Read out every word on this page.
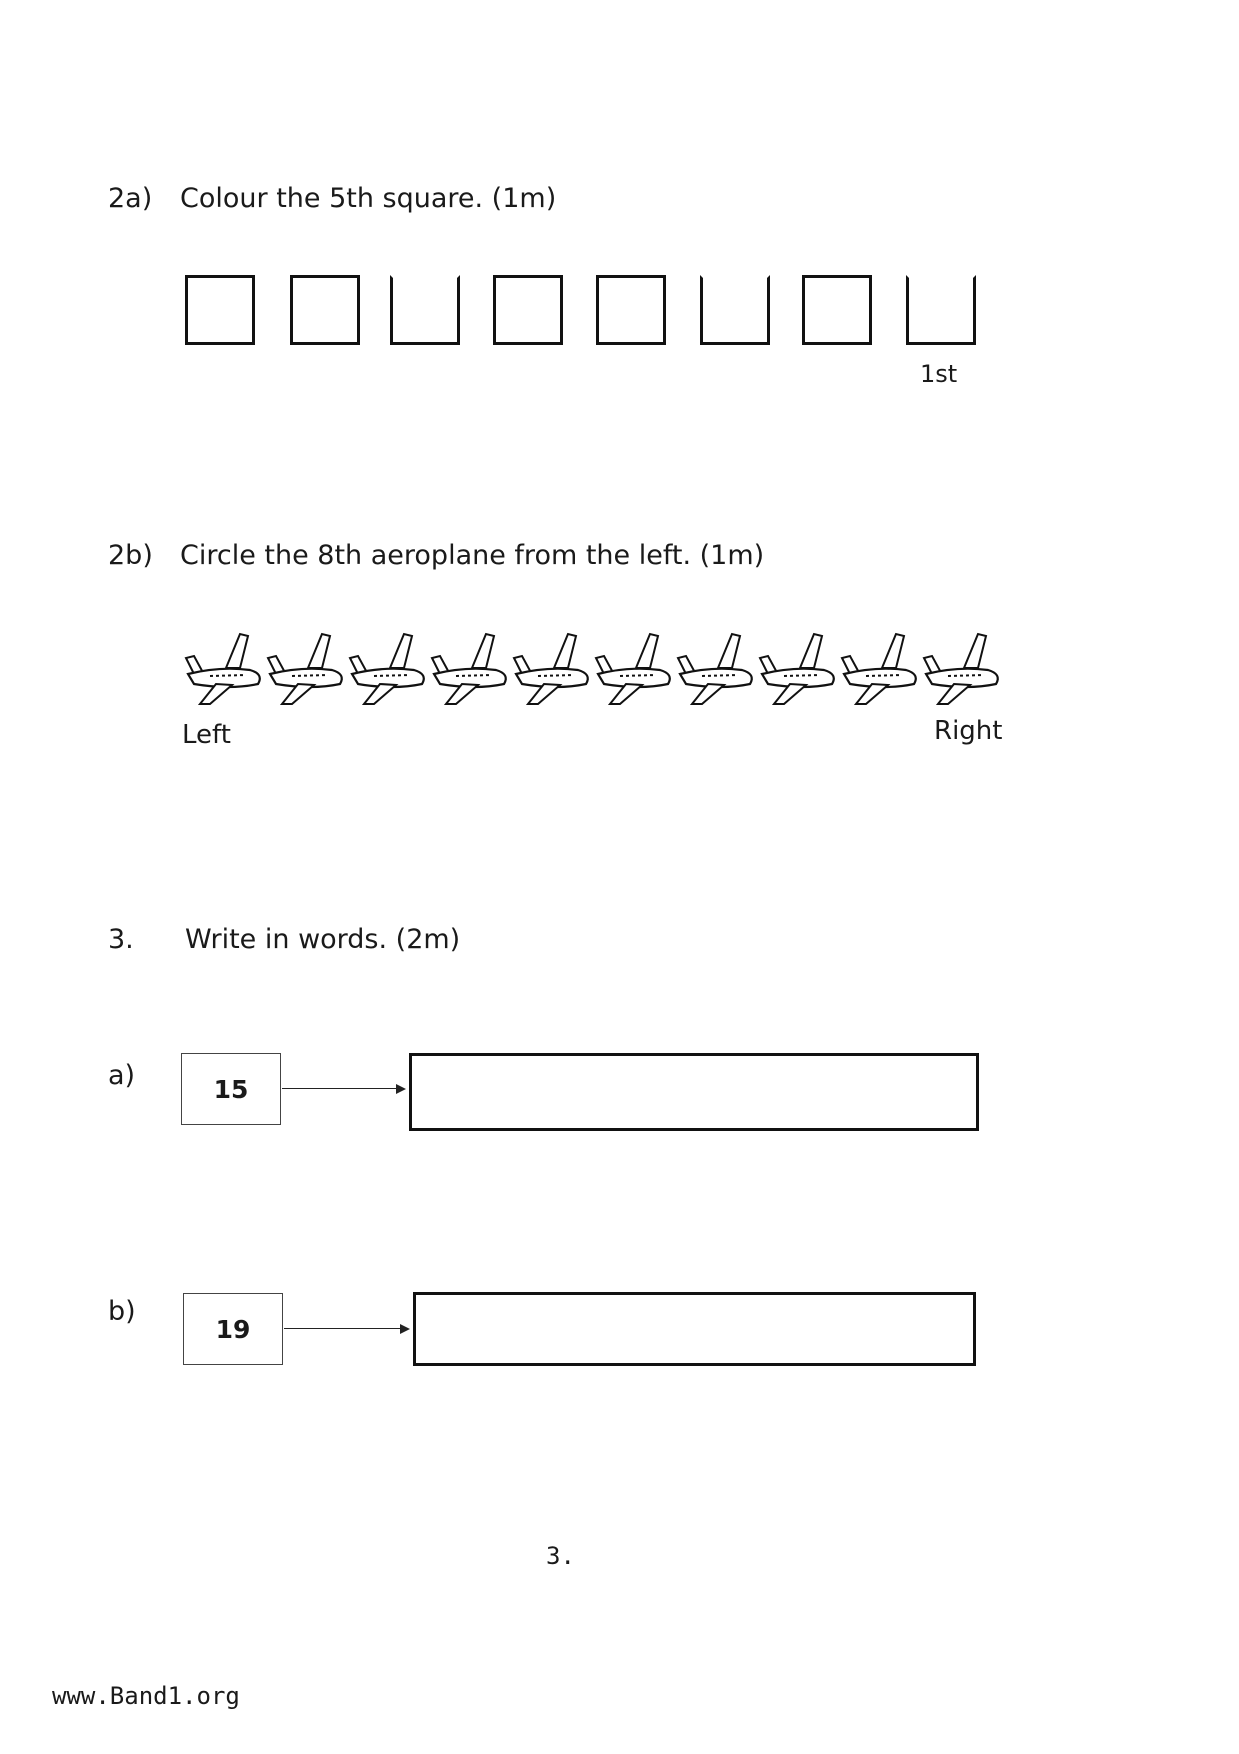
2a) Colour the 5th square. (1m)
1st
2b) Circle the 8th aeroplane from the left. (1m)
Left	Right
3. Write in words. (2m)
a)	15
b)
19
3.
www.Band1.org
